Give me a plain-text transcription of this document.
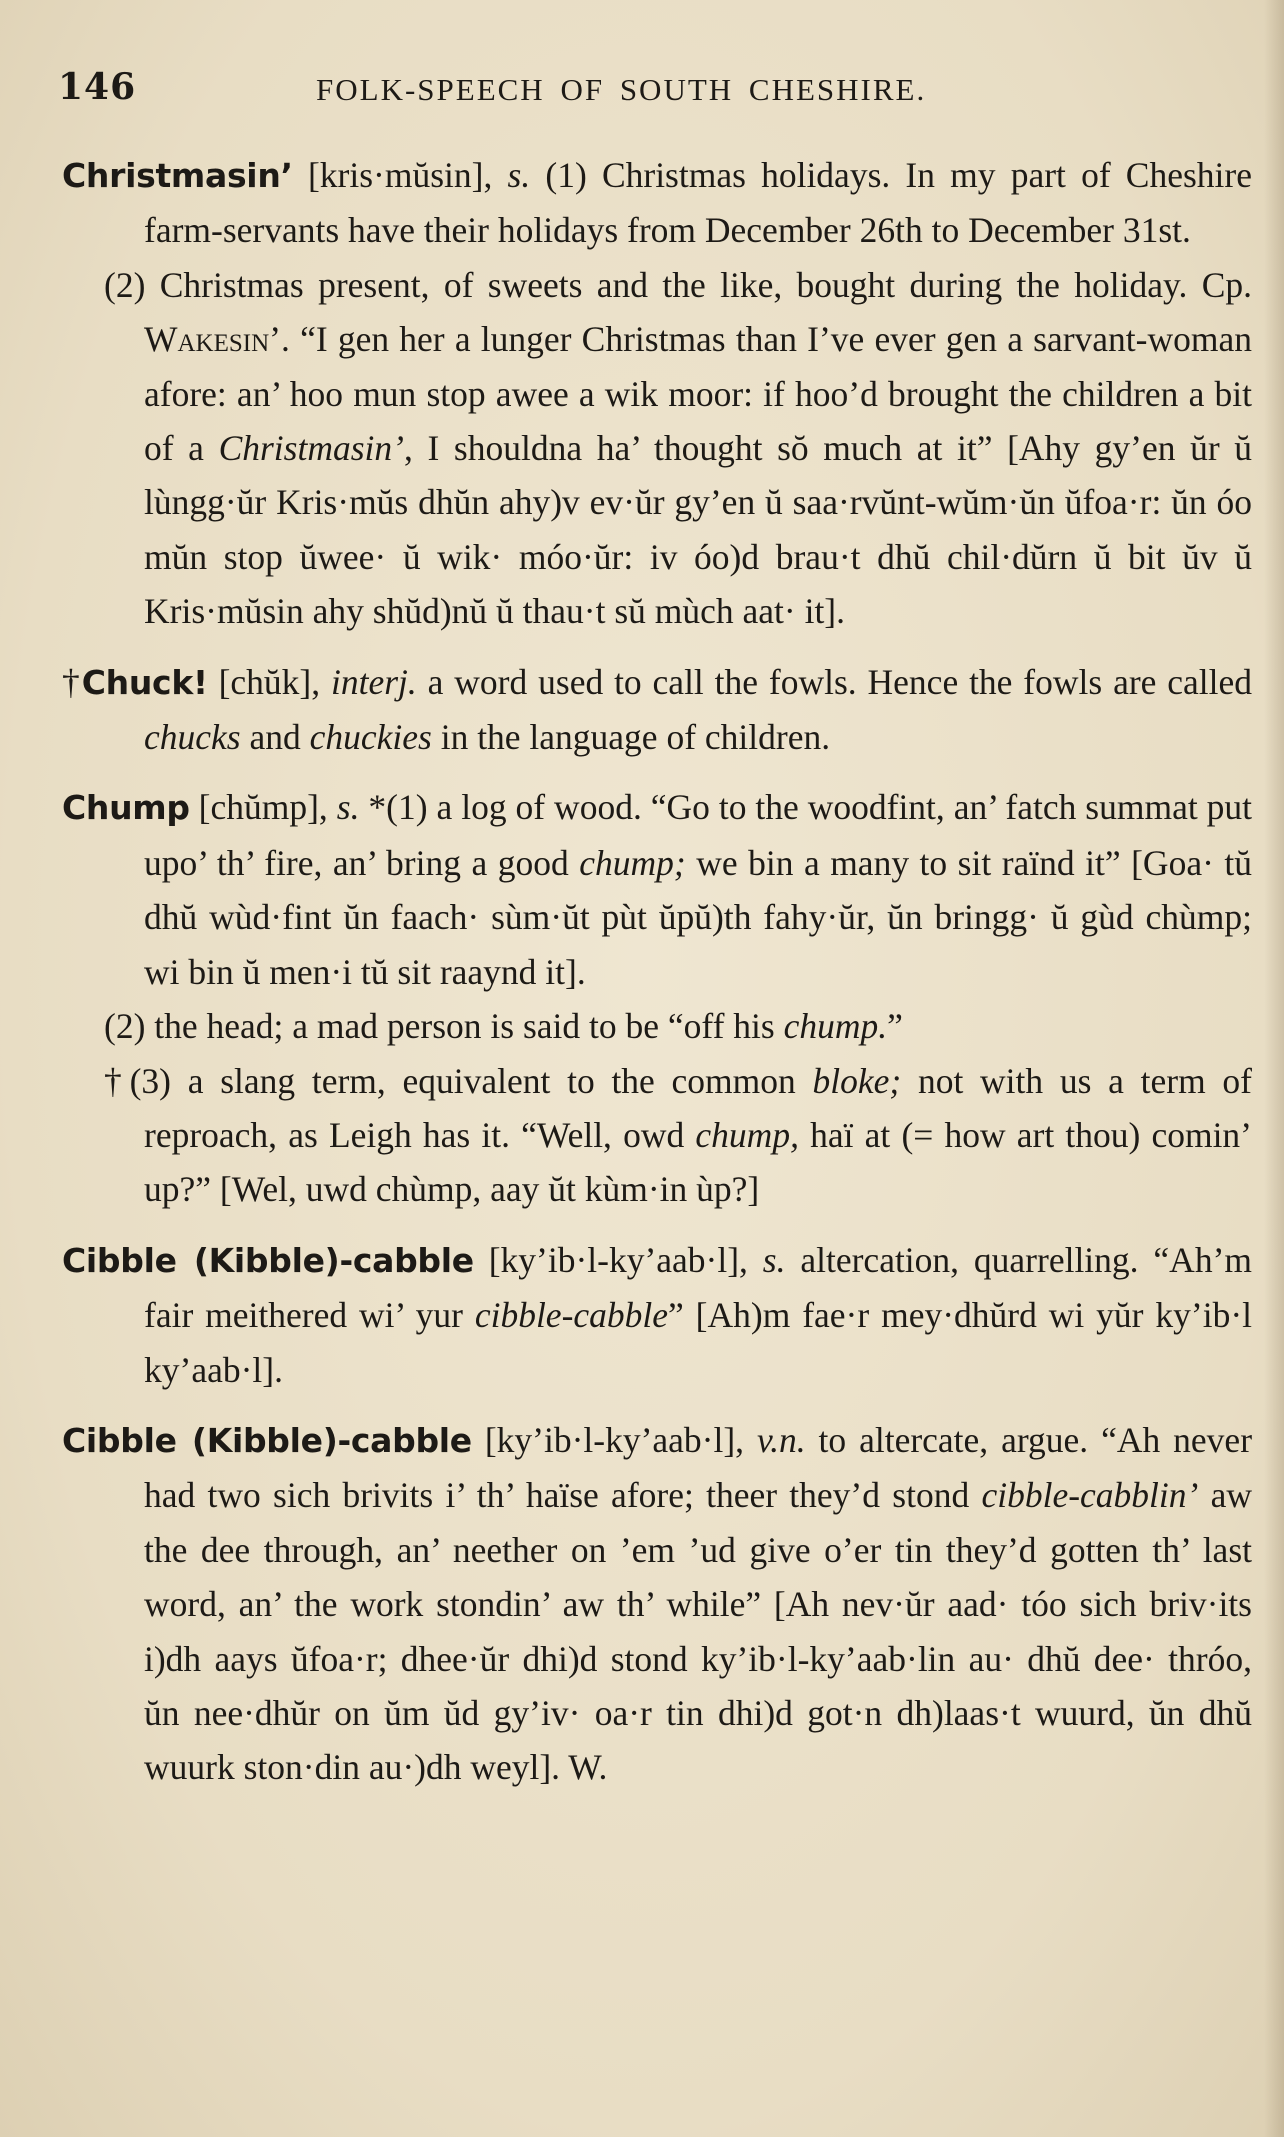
146	FOLK-SPEECH OF SOUTH CHESHIRE.
Christmasin’ [kris·mŭsin], s. (1) Christmas holidays. In my part of Cheshire farm-servants have their holidays from December 26th to December 31st.

(2) Christmas present, of sweets and the like, bought during the holiday. Cp. Wakesin’. “I gen her a lunger Christmas than I’ve ever gen a sarvant-woman afore: an’ hoo mun stop awee a wik moor: if hoo’d brought the children a bit of a Christmasin’, I shouldna ha’ thought sŏ much at it” [Ahy gy’en ŭr ŭ lùngg·ŭr Kris·mŭs dhŭn ahy)v ev·ŭr gy’en ŭ saa·rvŭnt-wŭm·ŭn ŭfoa·r: ŭn óo mŭn stop ŭwee· ŭ wik· móo·ŭr: iv óo)d brau·t dhŭ chil·dŭrn ŭ bit ŭv ŭ Kris·mŭsin ahy shŭd)nŭ ŭ thau·t sŭ mùch aat· it].

†Chuck! [chŭk], interj. a word used to call the fowls. Hence the fowls are called chucks and chuckies in the language of children.
Chump [chŭmp], s. *(1) a log of wood. “Go to the woodfint, an’ fatch summat put upo’ th’ fire, an’ bring a good chump; we bin a many to sit raïnd it” [Goa· tŭ dhŭ wùd·fint ŭn faach· sùm·ŭt pùt ŭpŭ)th fahy·ŭr, ŭn bringg· ŭ gùd chùmp; wi bin ŭ men·i tŭ sit raaynd it].

(2) the head; a mad person is said to be “off his chump.”

†(3) a slang term, equivalent to the common bloke; not with us a term of reproach, as Leigh has it. “Well, owd chump, haï at (= how art thou) comin’ up?” [Wel, uwd chùmp, aay ŭt kùm·in ùp?]

Cibble (Kibble)-cabble [ky’ib·l-ky’aab·l], s. altercation, quarrelling. “Ah’m fair meithered wi’ yur cibble-cabble” [Ah)m fae·r mey·dhŭrd wi yŭr ky’ib·l ky’aab·l].
Cibble (Kibble)-cabble [ky’ib·l-ky’aab·l], v.n. to altercate, argue. “Ah never had two sich brivits i’ th’ haïse afore; theer they’d stond cibble-cabblin’ aw the dee through, an’ neether on ’em ’ud give o’er tin they’d gotten th’ last word, an’ the work stondin’ aw th’ while” [Ah nev·ŭr aad· tóo sich briv·its i)dh aays ŭfoa·r; dhee·ŭr dhi)d stond ky’ib·l-ky’aab·lin au· dhŭ dee· thróo, ŭn nee·dhŭr on ŭm ŭd gy’iv· oa·r tin dhi)d got·n dh)laas·t wuurd, ŭn dhŭ wuurk ston·din au·)dh weyl]. W.
